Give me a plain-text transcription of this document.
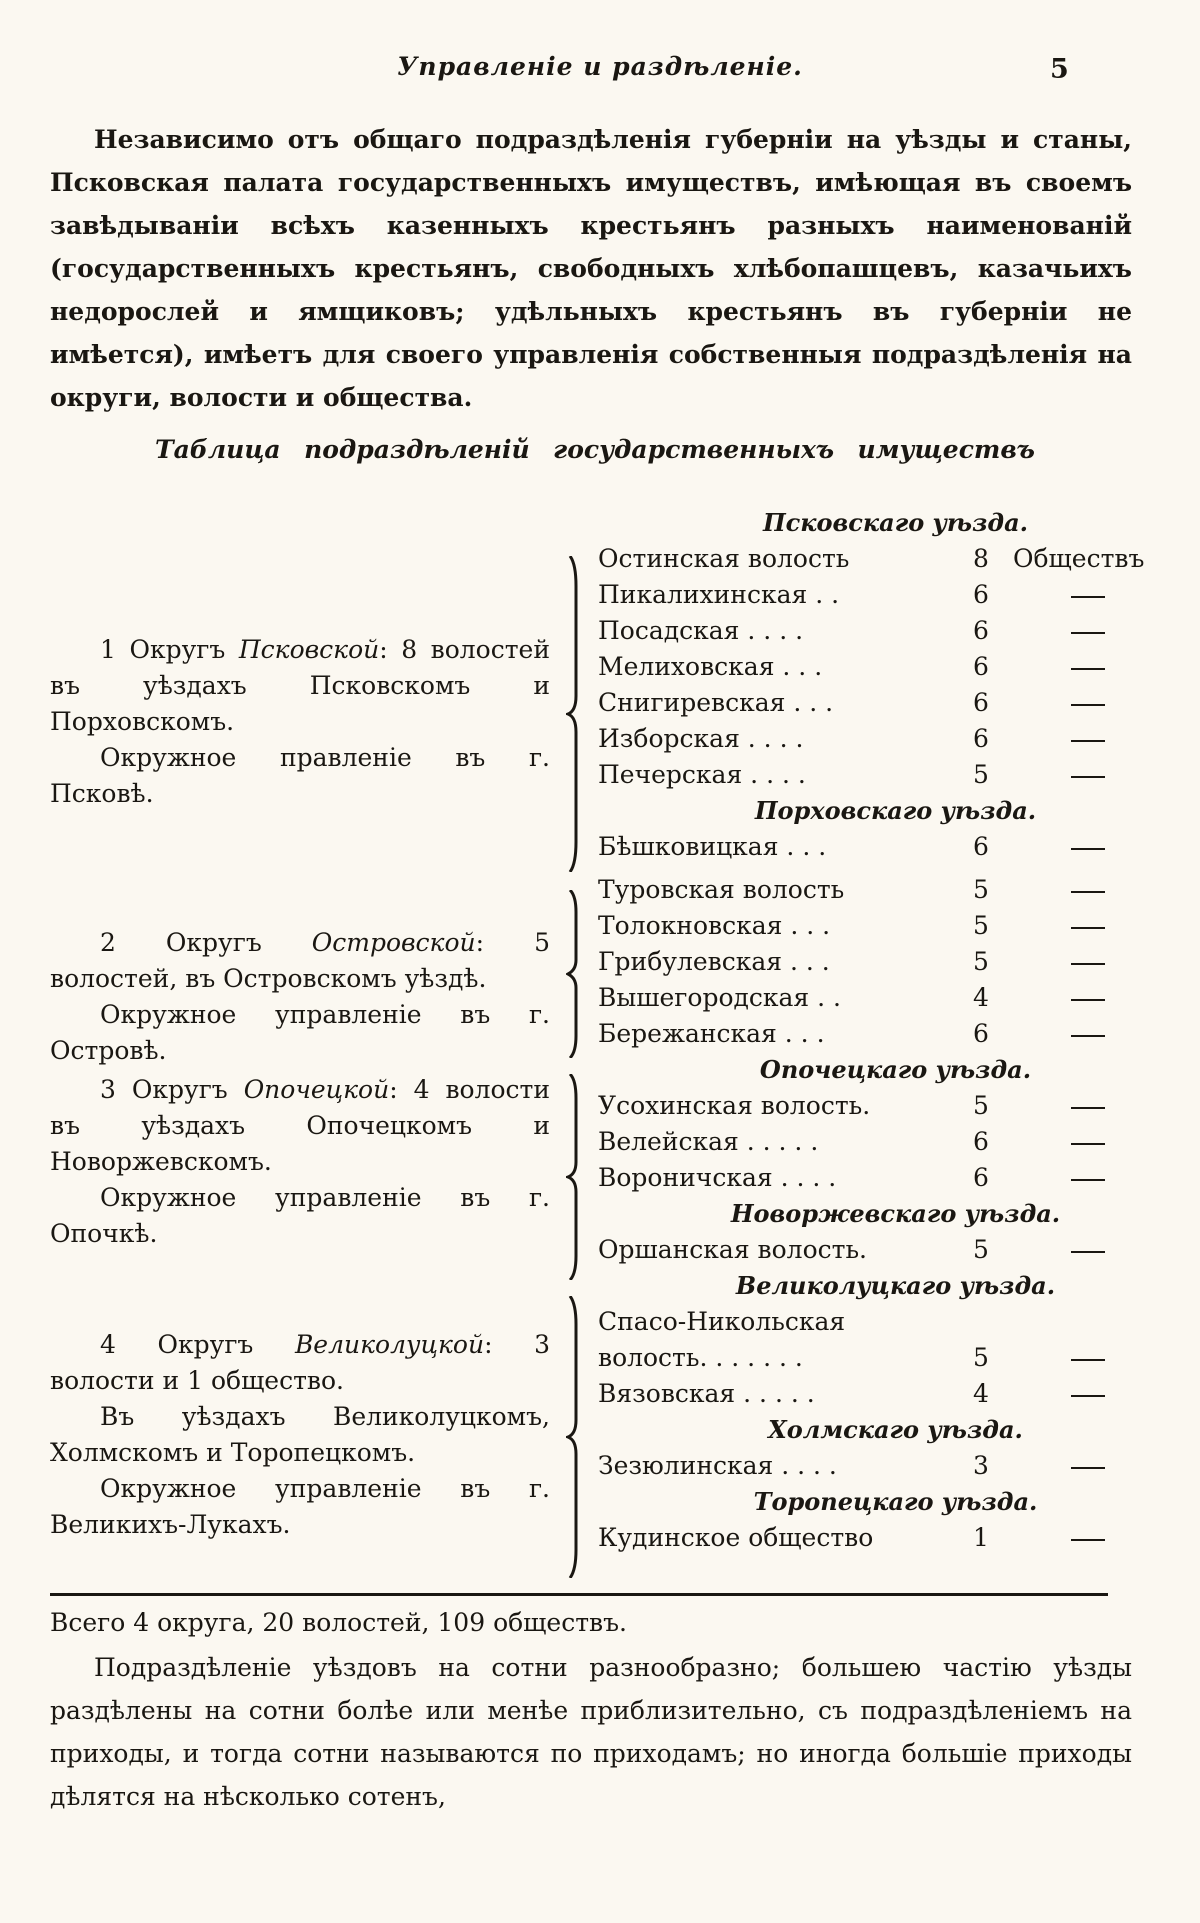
Управленіе и раздѣленіе.	5

Независимо отъ общаго подраздѣленія губерніи на уѣзды и станы, Псковская палата государственныхъ имуществъ, имѣющая въ своемъ завѣдываніи всѣхъ казенныхъ крестьянъ разныхъ наименованій (государственныхъ крестьянъ, свободныхъ хлѣбопашцевъ, казачьихъ недорослей и ямщиковъ; удѣльныхъ крестьянъ въ губерніи не имѣется), имѣетъ для своего управленія собственныя подраздѣленія на округи, волости и общества.

Таблица подраздѣленій государственныхъ имуществъ
1 Округъ Псковской: 8 волостей въ уѣздахъ Псковскомъ и Порховскомъ.
Окружное правленіе въ г. Псковѣ.
2 Округъ Островской: 5 волостей, въ Островскомъ уѣздѣ.
Окружное управленіе въ г. Островѣ.
3 Округъ Опочецкой: 4 волости въ уѣздахъ Опочецкомъ и Новоржевскомъ.
Окружное управленіе въ г. Опочкѣ.
4 Округъ Великолуцкой: 3 волости и 1 общество.
Въ уѣздахъ Великолуцкомъ, Холмскомъ и Торопецкомъ.
Окружное управленіе въ г. Великихъ-Лукахъ.
Псковскаго уѣзда.
Остинская волость	8 Обществъ
Пикалихинская . .	6
Посадская . . . .	6
Мелиховская . . .	6
Снигиревская . . .	6
Изборская . . . .	6
Печерская . . . .	5
Порховскаго уѣзда.
Бѣшковицкая . . .	6
Туровская волость	5
Толокновская . . .	5
Грибулевская . . .	5
Вышегородская . .	4
Бережанская . . .	6
Опочецкаго уѣзда.
Усохинская волость.	5
Велейская . . . . .	6
Вороничская . . . .	6
Новоржевскаго уѣзда.
Оршанская волость.	5
Великолуцкаго уѣзда.
Спасо-Никольская
волость. . . . . . .	5
Вязовская . . . . .	4
Холмскаго уѣзда.
Зезюлинская . . . .	3
Торопецкаго уѣзда.
Кудинское общество	1

Всего 4 округа, 20 волостей, 109 обществъ.

Подраздѣленіе уѣздовъ на сотни разнообразно; большею частію уѣзды раздѣлены на сотни болѣе или менѣе приблизительно, съ подраздѣленіемъ на приходы, и тогда сотни называются по приходамъ; но иногда большіе приходы дѣлятся на нѣсколько сотенъ,
